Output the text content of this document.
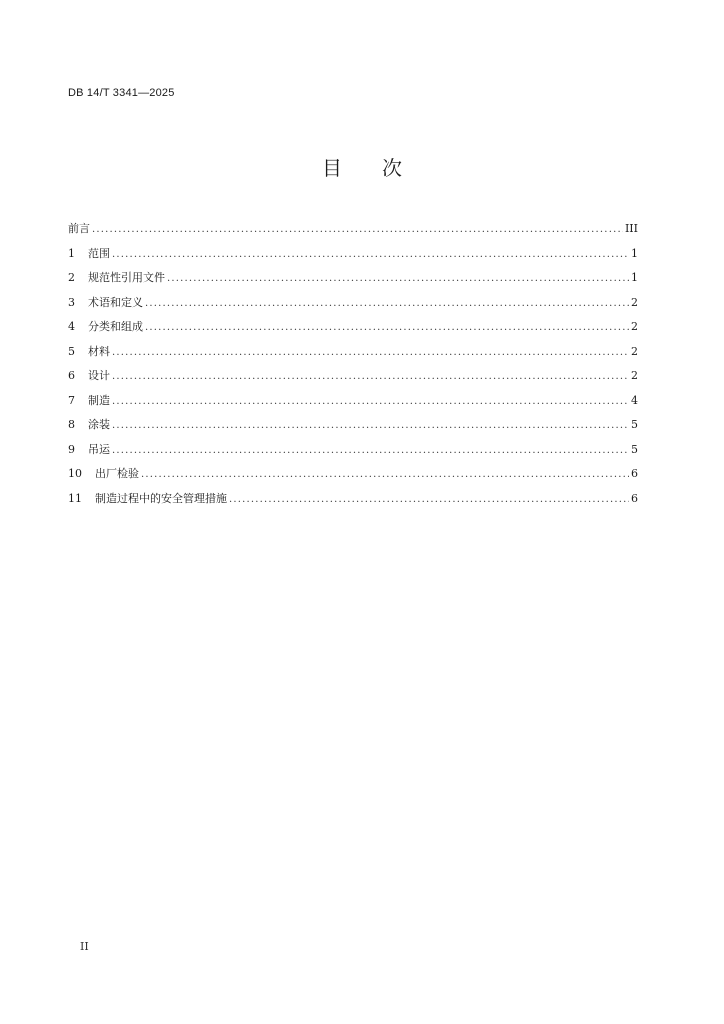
DB 14/T 3341—2025
目 次
前言 .....	III
1	范围 .....	1
2	规范性引用文件 .....	1
3	术语和定义 .....	2
4	分类和组成 .....	2
5	材料 .....	2
6	设计 .....	2
7	制造 .....	4
8	涂装 .....	5
9	吊运 .....	5
10	出厂检验 .....	6
11	制造过程中的安全管理措施 .....	6
II
